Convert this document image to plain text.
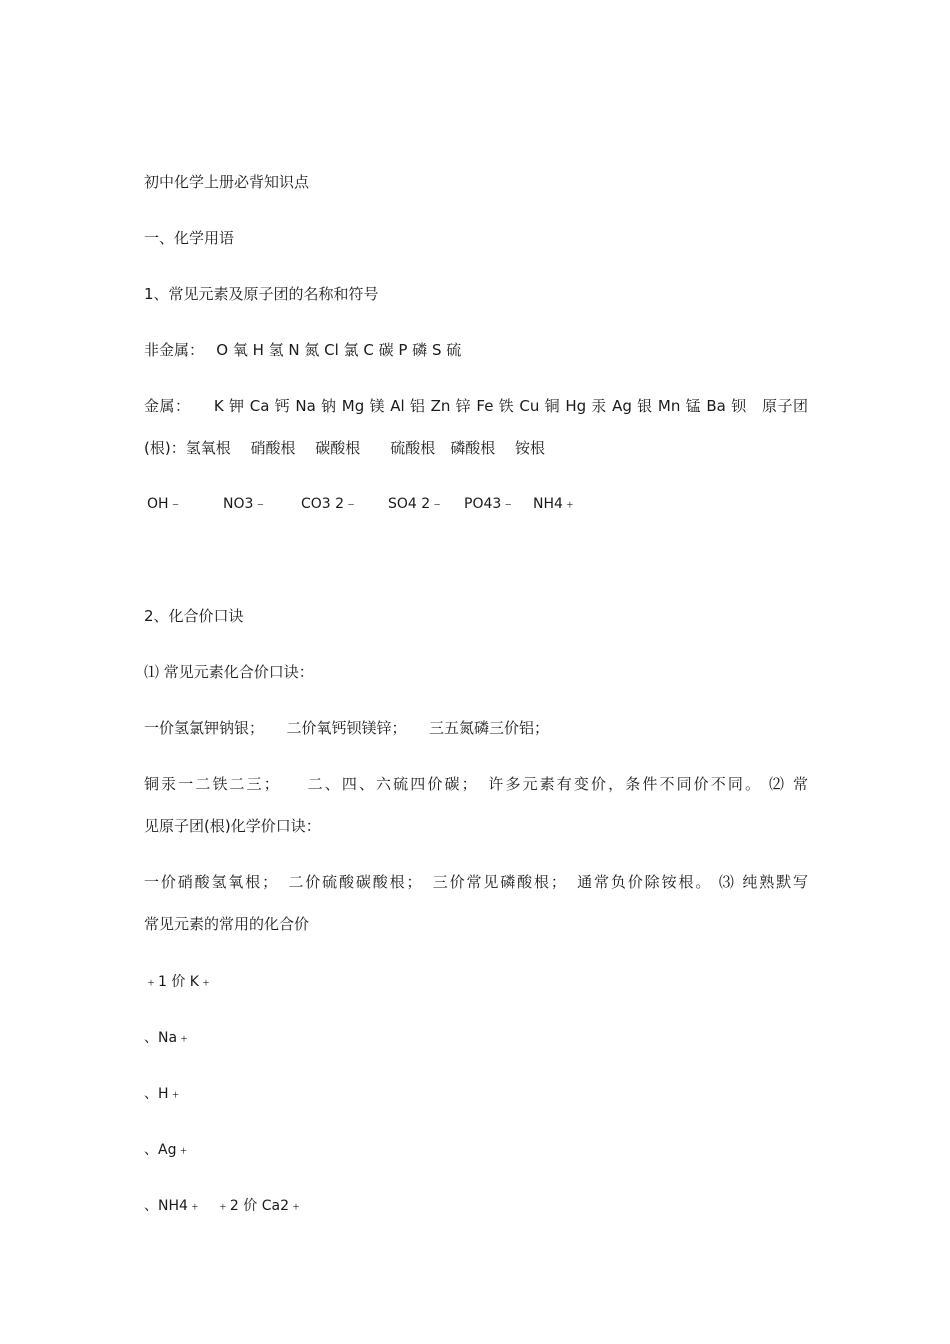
初中化学上册必背知识点
一、化学用语
1、常见元素及原子团的名称和符号
非金属：　 O 氧 H 氢 N 氮 Cl 氯 C 碳 P 磷 S 硫
金属：　　K 钾 Ca 钙 Na 钠 Mg 镁 Al 铝 Zn 锌 Fe 铁 Cu 铜 Hg 汞 Ag 银 Mn 锰 Ba 钡　原子团
(根)：氢氧根　 硝酸根　 碳酸根　　硫酸根　磷酸根　 铵根
OH﹣	NO3﹣	CO3 2﹣	SO4 2﹣	PO43﹣	NH4﹢
2、化合价口诀
⑴ 常见元素化合价口诀：
一价氢氯钾钠银；　　二价氧钙钡镁锌；　　三五氮磷三价铝；
铜汞一二铁二三；　　二、四、六硫四价碳；　许多元素有变价，条件不同价不同。 ⑵ 常
见原子团(根)化学价口诀：
一价硝酸氢氧根；　二价硫酸碳酸根；　三价常见磷酸根；　通常负价除铵根。 ⑶ 纯熟默写
常见元素的常用的化合价
﹢1 价 K﹢
、Na﹢
、H﹢
、Ag﹢
、NH4﹢　﹢2 价 Ca2﹢
